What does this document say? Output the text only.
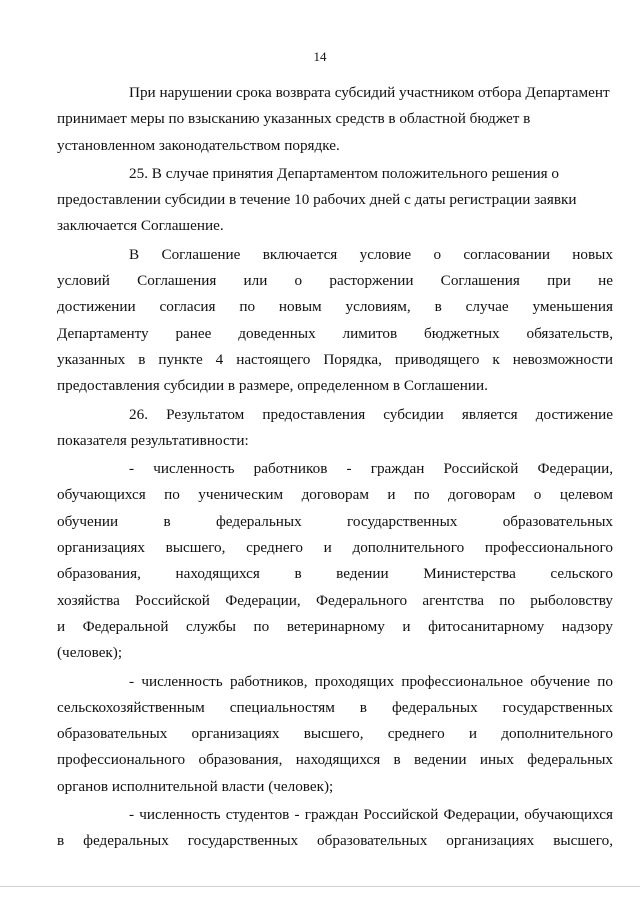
14

При нарушении срока возврата субсидий участником отбора Департамент
принимает меры по взысканию указанных средств в областной бюджет в
установленном законодательством порядке.

25. В случае принятия Департаментом положительного решения о
предоставлении субсидии в течение 10 рабочих дней с даты регистрации заявки
заключается Соглашение.

В Соглашение включается условие о согласовании новых
условий Соглашения или о расторжении Соглашения при не
достижении согласия по новым условиям, в случае уменьшения
Департаменту ранее доведенных лимитов бюджетных обязательств,
указанных в пункте 4 настоящего Порядка, приводящего к невозможности
предоставления субсидии в размере, определенном в Соглашении.

26. Результатом предоставления субсидии является достижение
показателя результативности:

- численность работников - граждан Российской Федерации,
обучающихся по ученическим договорам и по договорам о целевом
обучении в федеральных государственных образовательных
организациях высшего, среднего и дополнительного профессионального
образования, находящихся в ведении Министерства сельского
хозяйства Российской Федерации, Федерального агентства по рыболовству
и Федеральной службы по ветеринарному и фитосанитарному надзору
(человек);

- численность работников, проходящих профессиональное обучение по
сельскохозяйственным специальностям в федеральных государственных
образовательных организациях высшего, среднего и дополнительного
профессионального образования, находящихся в ведении иных федеральных
органов исполнительной власти (человек);

- численность студентов - граждан Российской Федерации, обучающихся
в федеральных государственных образовательных организациях высшего,
